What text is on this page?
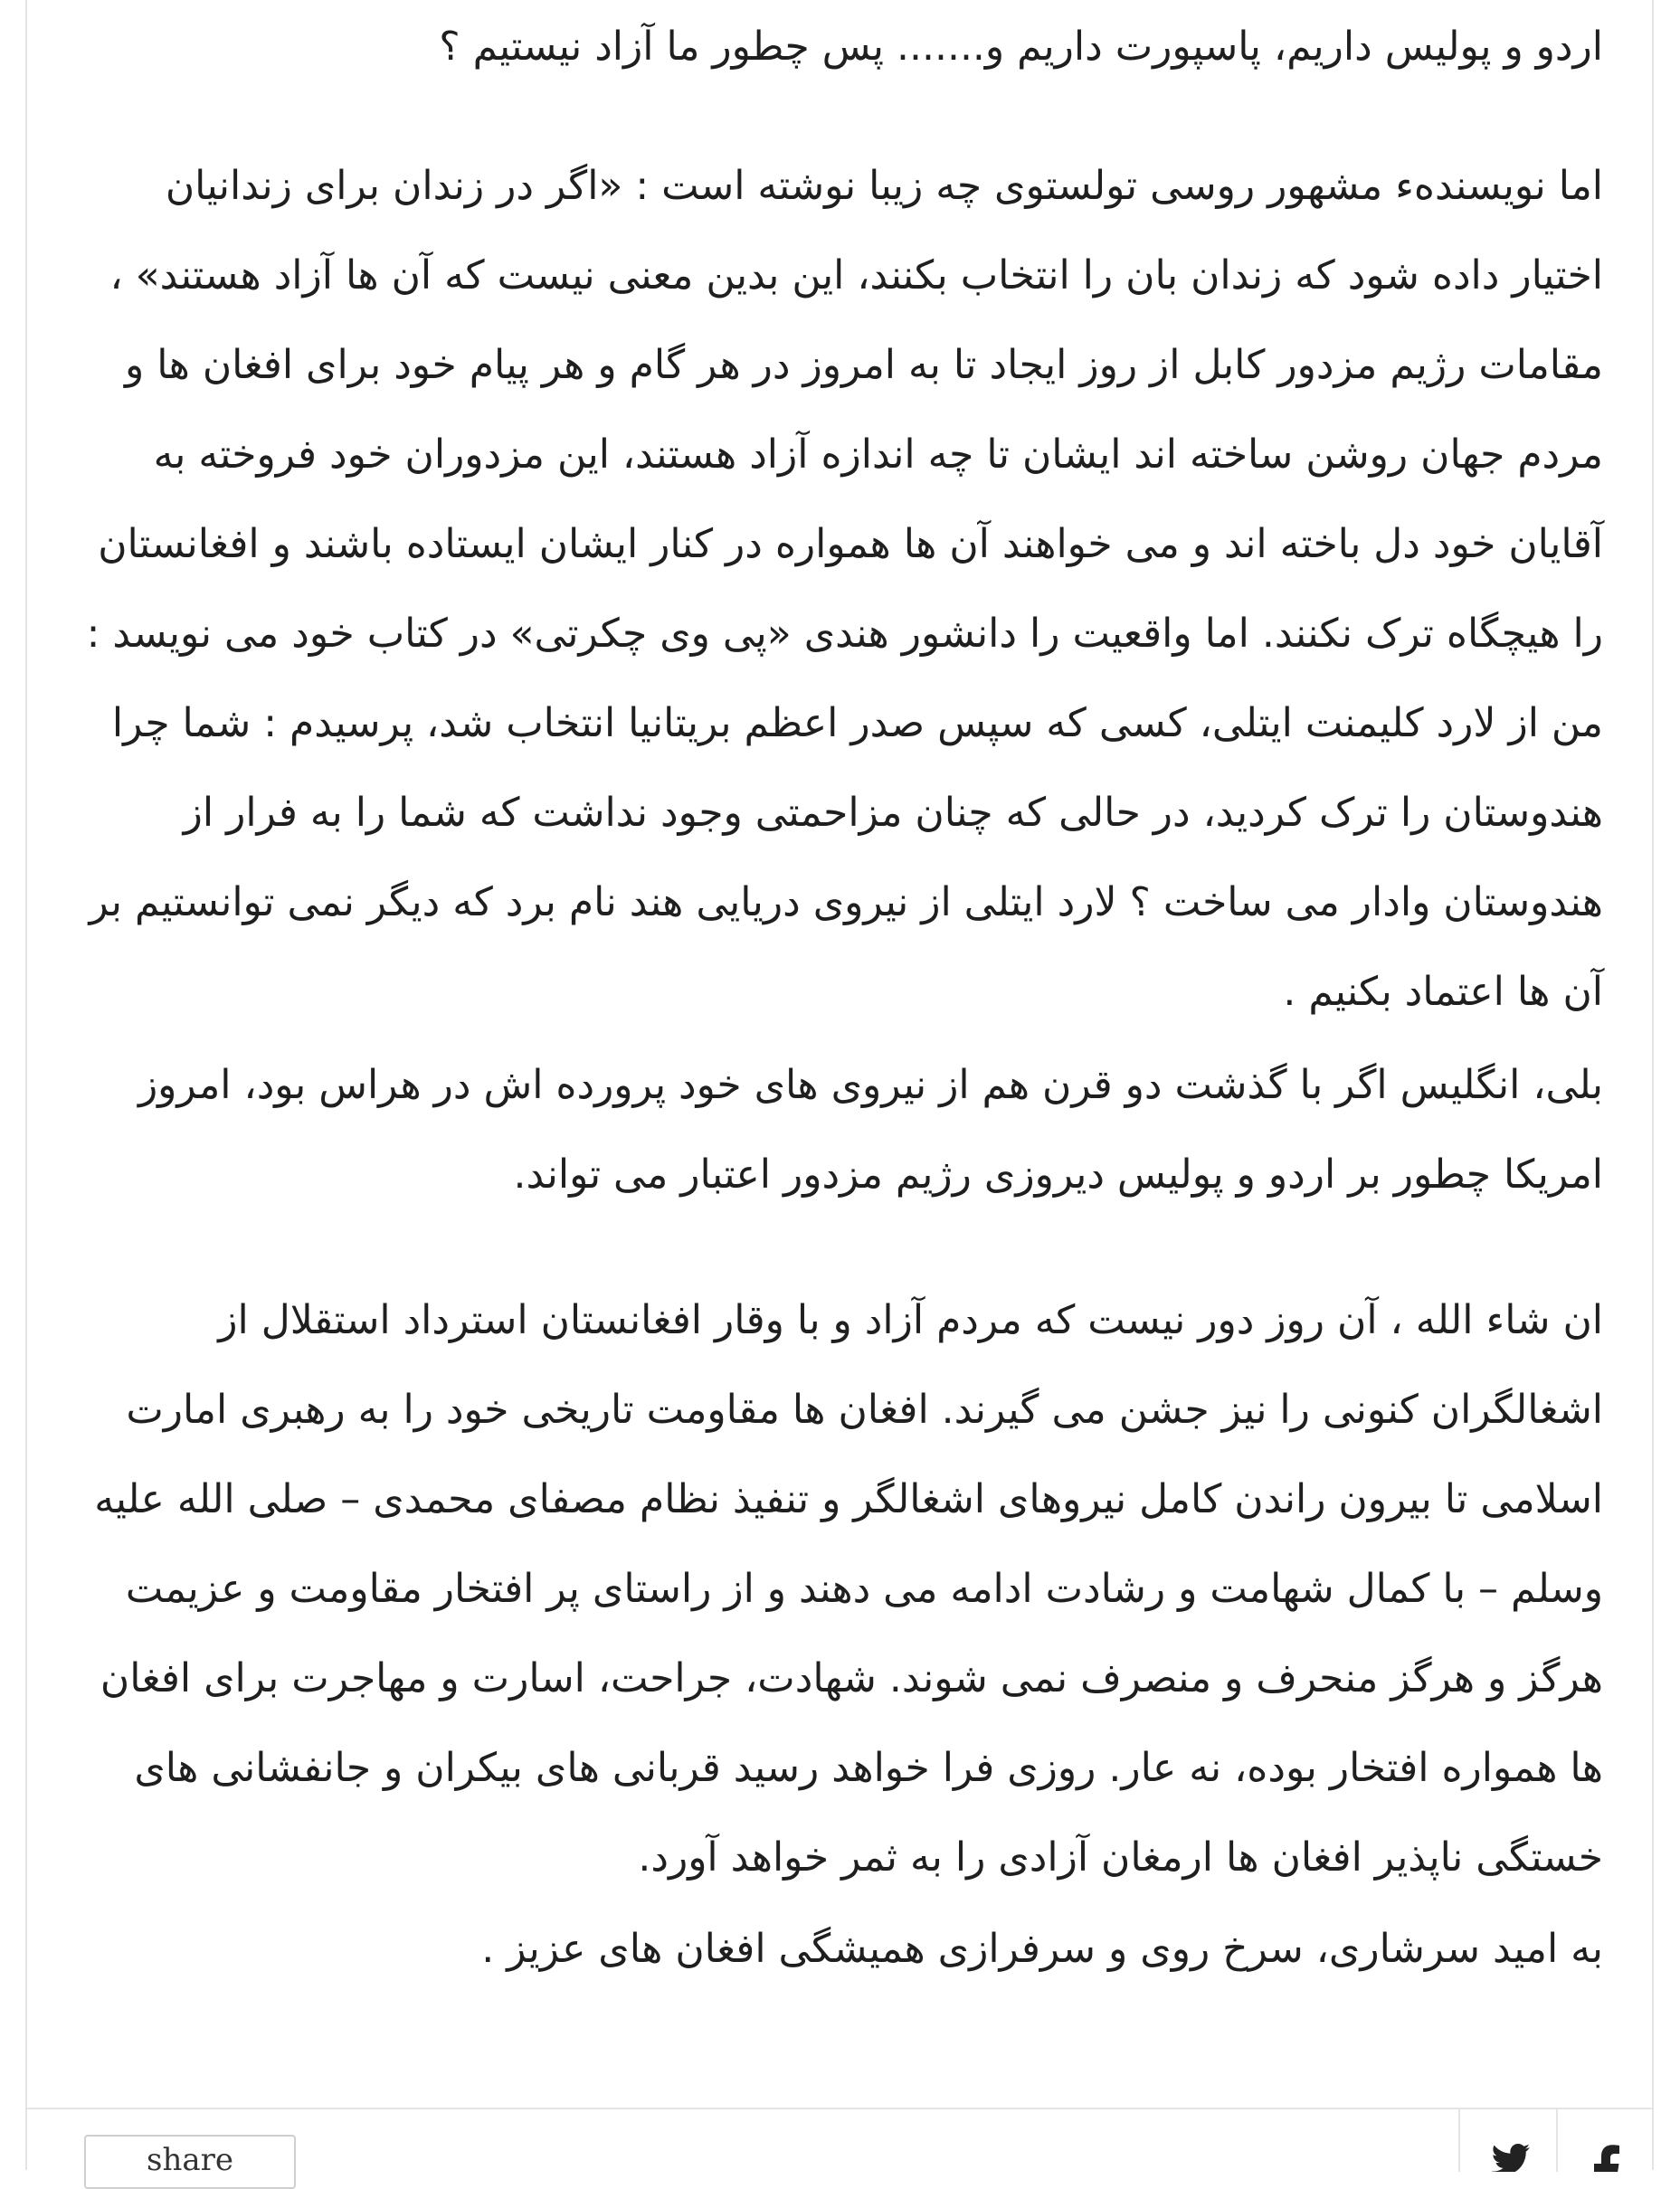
اردو و پولیس داریم، پاسپورت داریم و....... پس چطور ما آزاد نیستیم ؟

اما نویسندهء مشهور روسی تولستوی چه زیبا نوشته است : «اگر در زندان برای زندانیان اختیار داده شود که زندان بان را انتخاب بکنند، این بدین معنی نیست که آن ها آزاد هستند» ، مقامات رژیم مزدور کابل از روز ایجاد تا به امروز در هر گام و هر پیام خود برای افغان ها و مردم جهان روشن ساخته اند ایشان تا چه اندازه آزاد هستند، این مزدوران خود فروخته به آقایان خود دل باخته اند و می خواهند آن ها همواره در کنار ایشان ایستاده باشند و افغانستان را هیچگاه ترک نکنند. اما واقعیت را دانشور هندی «پی وی چکرتی» در کتاب خود می نویسد : من از لارد کلیمنت ایتلی، کسی که سپس صدر اعظم بریتانیا انتخاب شد، پرسیدم : شما چرا هندوستان را ترک کردید، در حالی که چنان مزاحمتی وجود نداشت که شما را به فرار از هندوستان وادار می ساخت ؟ لارد ایتلی از نیروی دریایی هند نام برد که دیگر نمی توانستیم بر آن ها اعتماد بکنیم .

بلی، انگلیس اگر با گذشت دو قرن هم از نیروی های خود پرورده اش در هراس بود، امروز امریکا چطور بر اردو و پولیس دیروزی رژیم مزدور اعتبار می تواند.

ان شاء الله ، آن روز دور نیست که مردم آزاد و با وقار افغانستان استرداد استقلال از اشغالگران کنونی را نیز جشن می گیرند. افغان ها مقاومت تاریخی خود را به رهبری امارت اسلامی تا بیرون راندن کامل نیروهای اشغالگر و تنفیذ نظام مصفای محمدی – صلی الله علیه وسلم – با کمال شهامت و رشادت ادامه می دهند و از راستای پر افتخار مقاومت و عزیمت هرگز و هرگز منحرف و منصرف نمی شوند. شهادت، جراحت، اسارت و مهاجرت برای افغان ها همواره افتخار بوده، نه عار. روزی فرا خواهد رسید قربانی های بیکران و جانفشانی های خستگی ناپذیر افغان ها ارمغان آزادی را به ثمر خواهد آورد.

به امید سرشاری، سرخ روی و سرفرازی همیشگی افغان های عزیز .

share
